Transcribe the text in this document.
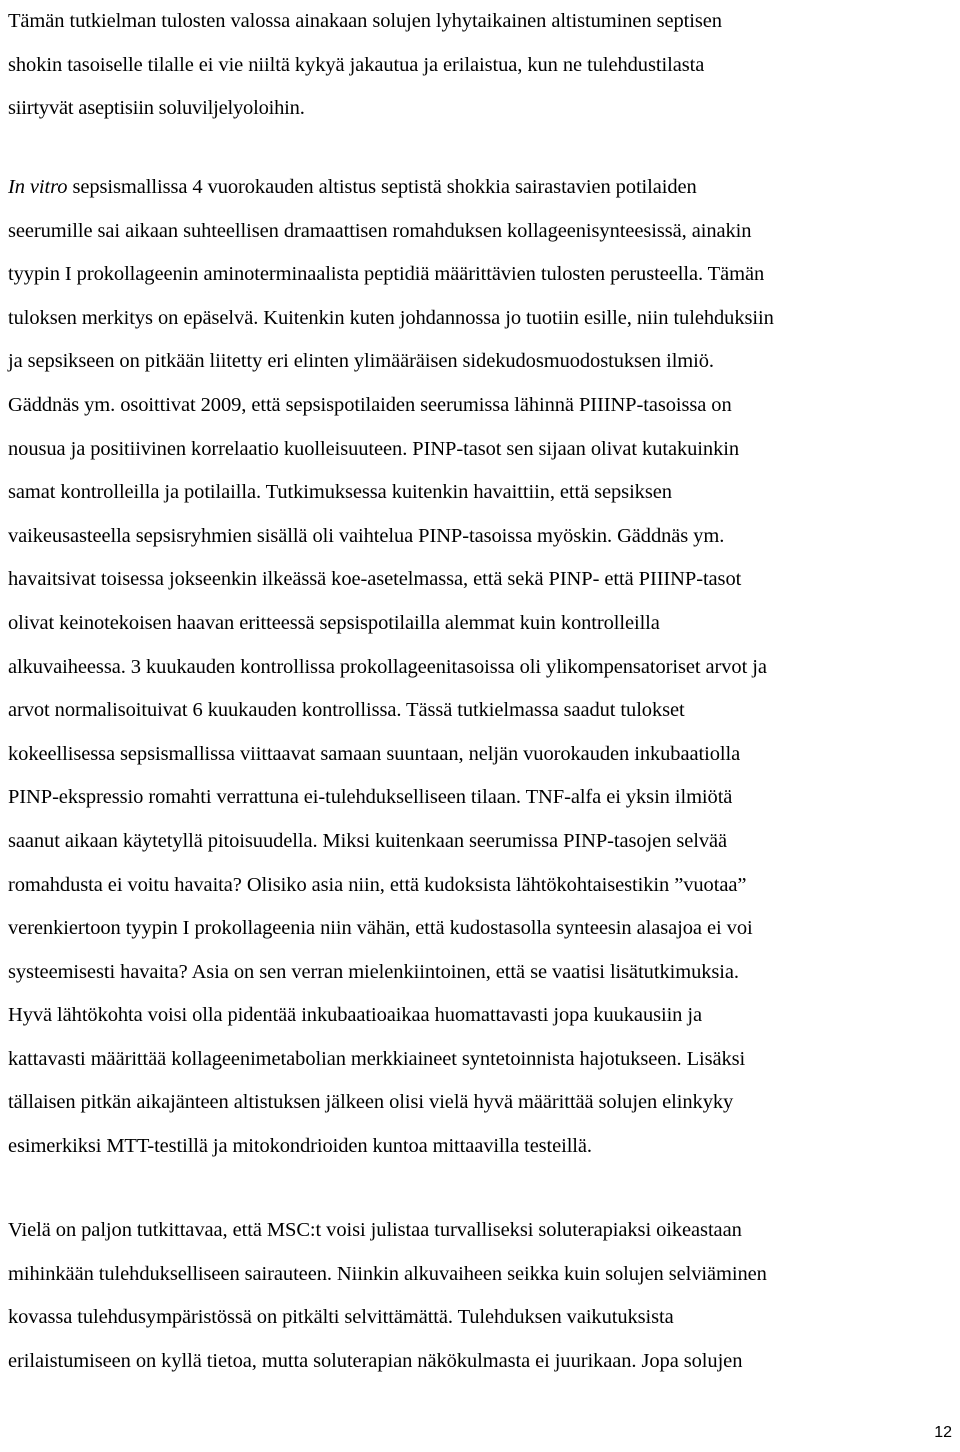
Tämän tutkielman tulosten valossa ainakaan solujen lyhytaikainen altistuminen septisen
shokin tasoiselle tilalle ei vie niiltä kykyä jakautua ja erilaistua, kun ne tulehdustilasta
siirtyvät aseptisiin soluviljelyoloihin.
In vitro sepsismallissa 4 vuorokauden altistus septistä shokkia sairastavien potilaiden
seerumille sai aikaan suhteellisen dramaattisen romahduksen kollageenisynteesissä, ainakin
tyypin I prokollageenin aminoterminaalista peptidiä määrittävien tulosten perusteella. Tämän
tuloksen merkitys on epäselvä. Kuitenkin kuten johdannossa jo tuotiin esille, niin tulehduksiin
ja sepsikseen on pitkään liitetty eri elinten ylimääräisen sidekudosmuodostuksen ilmiö.
Gäddnäs ym. osoittivat 2009, että sepsispotilaiden seerumissa lähinnä PIIINP-tasoissa on
nousua ja positiivinen korrelaatio kuolleisuuteen. PINP-tasot sen sijaan olivat kutakuinkin
samat kontrolleilla ja potilailla. Tutkimuksessa kuitenkin havaittiin, että sepsiksen
vaikeusasteella sepsisryhmien sisällä oli vaihtelua PINP-tasoissa myöskin. Gäddnäs ym.
havaitsivat toisessa jokseenkin ilkeässä koe-asetelmassa, että sekä PINP- että PIIINP-tasot
olivat keinotekoisen haavan eritteessä sepsispotilailla alemmat kuin kontrolleilla
alkuvaiheessa. 3 kuukauden kontrollissa prokollageenitasoissa oli ylikompensatoriset arvot ja
arvot normalisoituivat 6 kuukauden kontrollissa. Tässä tutkielmassa saadut tulokset
kokeellisessa sepsismallissa viittaavat samaan suuntaan, neljän vuorokauden inkubaatiolla
PINP-ekspressio romahti verrattuna ei-tulehdukselliseen tilaan. TNF-alfa ei yksin ilmiötä
saanut aikaan käytetyllä pitoisuudella. Miksi kuitenkaan seerumissa PINP-tasojen selvää
romahdusta ei voitu havaita? Olisiko asia niin, että kudoksista lähtökohtaisestikin ”vuotaa”
verenkiertoon tyypin I prokollageenia niin vähän, että kudostasolla synteesin alasajoa ei voi
systeemisesti havaita? Asia on sen verran mielenkiintoinen, että se vaatisi lisätutkimuksia.
Hyvä lähtökohta voisi olla pidentää inkubaatioaikaa huomattavasti jopa kuukausiin ja
kattavasti määrittää kollageenimetabolian merkkiaineet syntetoinnista hajotukseen. Lisäksi
tällaisen pitkän aikajänteen altistuksen jälkeen olisi vielä hyvä määrittää solujen elinkyky
esimerkiksi MTT-testillä ja mitokondrioiden kuntoa mittaavilla testeillä.
Vielä on paljon tutkittavaa, että MSC:t voisi julistaa turvalliseksi soluterapiaksi oikeastaan
mihinkään tulehdukselliseen sairauteen. Niinkin alkuvaiheen seikka kuin solujen selviäminen
kovassa tulehdusympäristössä on pitkälti selvittämättä. Tulehduksen vaikutuksista
erilaistumiseen on kyllä tietoa, mutta soluterapian näkökulmasta ei juurikaan. Jopa solujen
12
